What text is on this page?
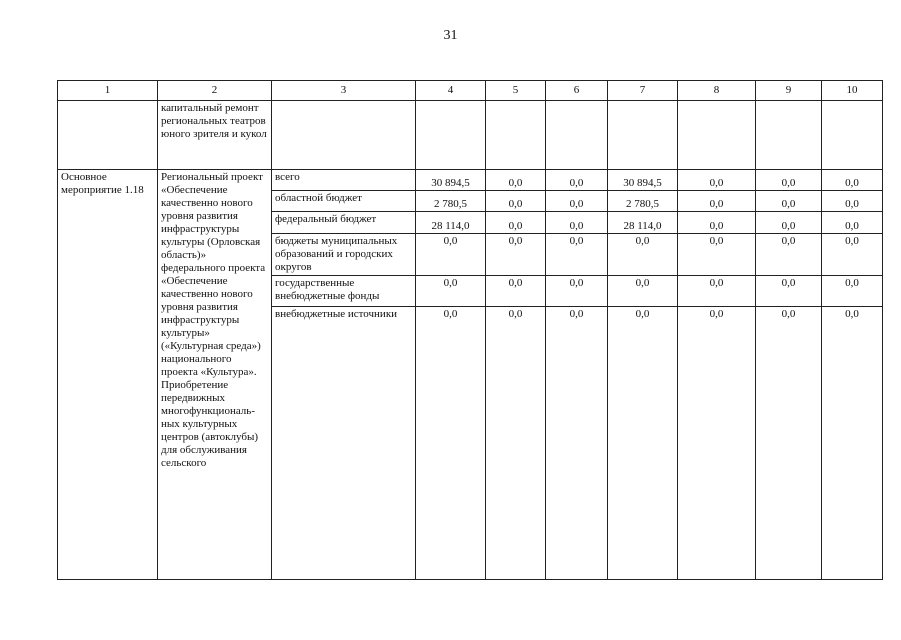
31
1	2	3	4	5	6	7	8	9	10
	капитальный ремонт региональных театров юного зрителя и кукол								
Основное мероприятие 1.18	Региональный проект «Обеспечение качественно нового уровня развития инфраструктуры культуры (Орловская область)» федерального проекта «Обеспечение качественно нового уровня развития инфраструктуры культуры» («Культурная среда») национального проекта «Культура». Приобретение передвижных многофункциональ-ных культурных центров (автоклубы) для обслуживания сельского	всего	30 894,5	0,0	0,0	30 894,5	0,0	0,0	0,0
		областной бюджет	2 780,5	0,0	0,0	2 780,5	0,0	0,0	0,0
		федеральный бюджет	28 114,0	0,0	0,0	28 114,0	0,0	0,0	0,0
		бюджеты муниципальных образований и городских округов	0,0	0,0	0,0	0,0	0,0	0,0	0,0
		государственные внебюджетные фонды	0,0	0,0	0,0	0,0	0,0	0,0	0,0
		внебюджетные источники	0,0	0,0	0,0	0,0	0,0	0,0	0,0
